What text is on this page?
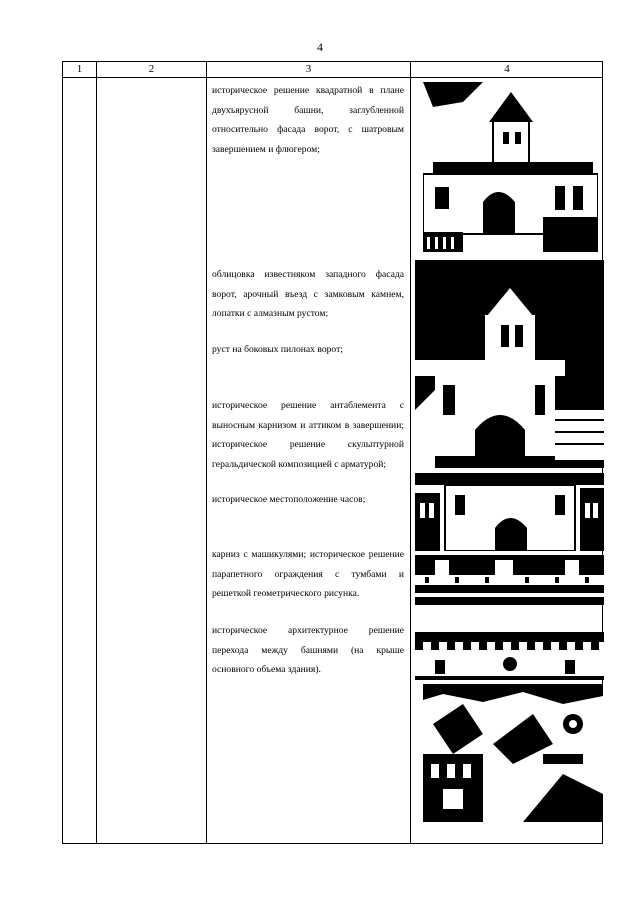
4
1	2	3	4

историческое решение квадратной в плане двухъярусной башни, заглубленной относительно фасада ворот, с шатровым завершением и флюгером;

облицовка известняком западного фасада ворот, арочный въезд с замковым камнем, лопатки с алмазным рустом;

руст на боковых пилонах ворот;

историческое решение антаблемента с выносным карнизом и аттиком в завершении; историческое решение скульптурной геральдической композицией с арматурой;

историческое местоположение часов;

карниз с машикулями; историческое решение парапетного ограждения с тумбами и решеткой геометрического рисунка.

историческое архитектурное решение перехода между башнями (на крыше основного объема здания).
